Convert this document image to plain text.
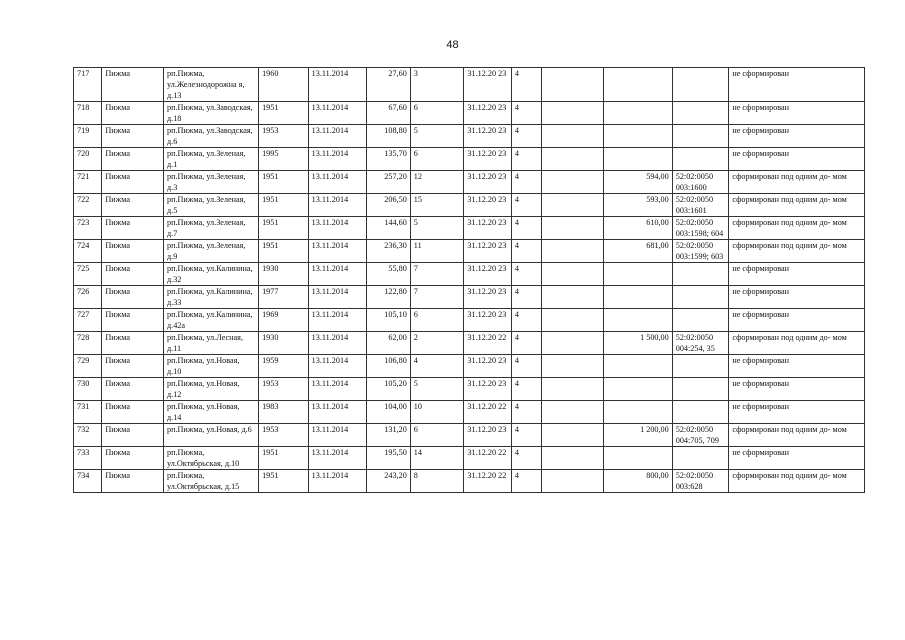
48
717	Пижма	рп.Пижма, ул.Железнодорожна я, д.13	1960	13.11.2014	27,60	3	31.12.20 23	4				не сформирован
718	Пижма	рп.Пижма, ул.Заводская, д.18	1951	13.11.2014	67,60	6	31.12.20 23	4				не сформирован
719	Пижма	рп.Пижма, ул.Заводская, д.6	1953	13.11.2014	108,80	5	31.12.20 23	4				не сформирован
720	Пижма	рп.Пижма, ул.Зеленая, д.1	1995	13.11.2014	135,70	6	31.12.20 23	4				не сформирован
721	Пижма	рп.Пижма, ул.Зеленая, д.3	1951	13.11.2014	257,20	12	31.12.20 23	4		594,00	52:02:0050 003:1600	сформирован под одним до- мом
722	Пижма	рп.Пижма, ул.Зеленая, д.5	1951	13.11.2014	206,50	15	31.12.20 23	4		593,00	52:02:0050 003:1601	сформирован под одним до- мом
723	Пижма	рп.Пижма, ул.Зеленая, д.7	1951	13.11.2014	144,60	5	31.12.20 23	4		610,00	52:02:0050 003:1598; 604	сформирован под одним до- мом
724	Пижма	рп.Пижма, ул.Зеленая, д.9	1951	13.11.2014	236,30	11	31.12.20 23	4		681,00	52:02:0050 003:1599; 603	сформирован под одним до- мом
725	Пижма	рп.Пижма, ул.Калинина, д.32	1930	13.11.2014	55,80	7	31.12.20 23	4				не сформирован
726	Пижма	рп.Пижма, ул.Калинина, д.33	1977	13.11.2014	122,80	7	31.12.20 23	4				не сформирован
727	Пижма	рп.Пижма, ул.Калинина, д.42а	1969	13.11.2014	105,10	6	31.12.20 23	4				не сформирован
728	Пижма	рп.Пижма, ул.Лесная, д.11	1930	13.11.2014	62,00	2	31.12.20 22	4		1 500,00	52:02:0050 004:254, 35	сформирован под одним до- мом
729	Пижма	рп.Пижма, ул.Новая, д.10	1959	13.11.2014	106,80	4	31.12.20 23	4				не сформирован
730	Пижма	рп.Пижма, ул.Новая, д.12	1953	13.11.2014	105,20	5	31.12.20 23	4				не сформирован
731	Пижма	рп.Пижма, ул.Новая, д.14	1983	13.11.2014	104,00	10	31.12.20 22	4				не сформирован
732	Пижма	рп.Пижма, ул.Новая, д.6	1953	13.11.2014	131,20	6	31.12.20 23	4		1 200,00	52:02:0050 004:705, 709	сформирован под одним до- мом
733	Пижма	рп.Пижма, ул.Октябрьская, д.10	1951	13.11.2014	195,50	14	31.12.20 22	4				не сформирован
734	Пижма	рп.Пижма, ул.Октябрьская, д.15	1951	13.11.2014	243,20	8	31.12.20 22	4		800,00	52:02:0050 003:628	сформирован под одним до- мом
